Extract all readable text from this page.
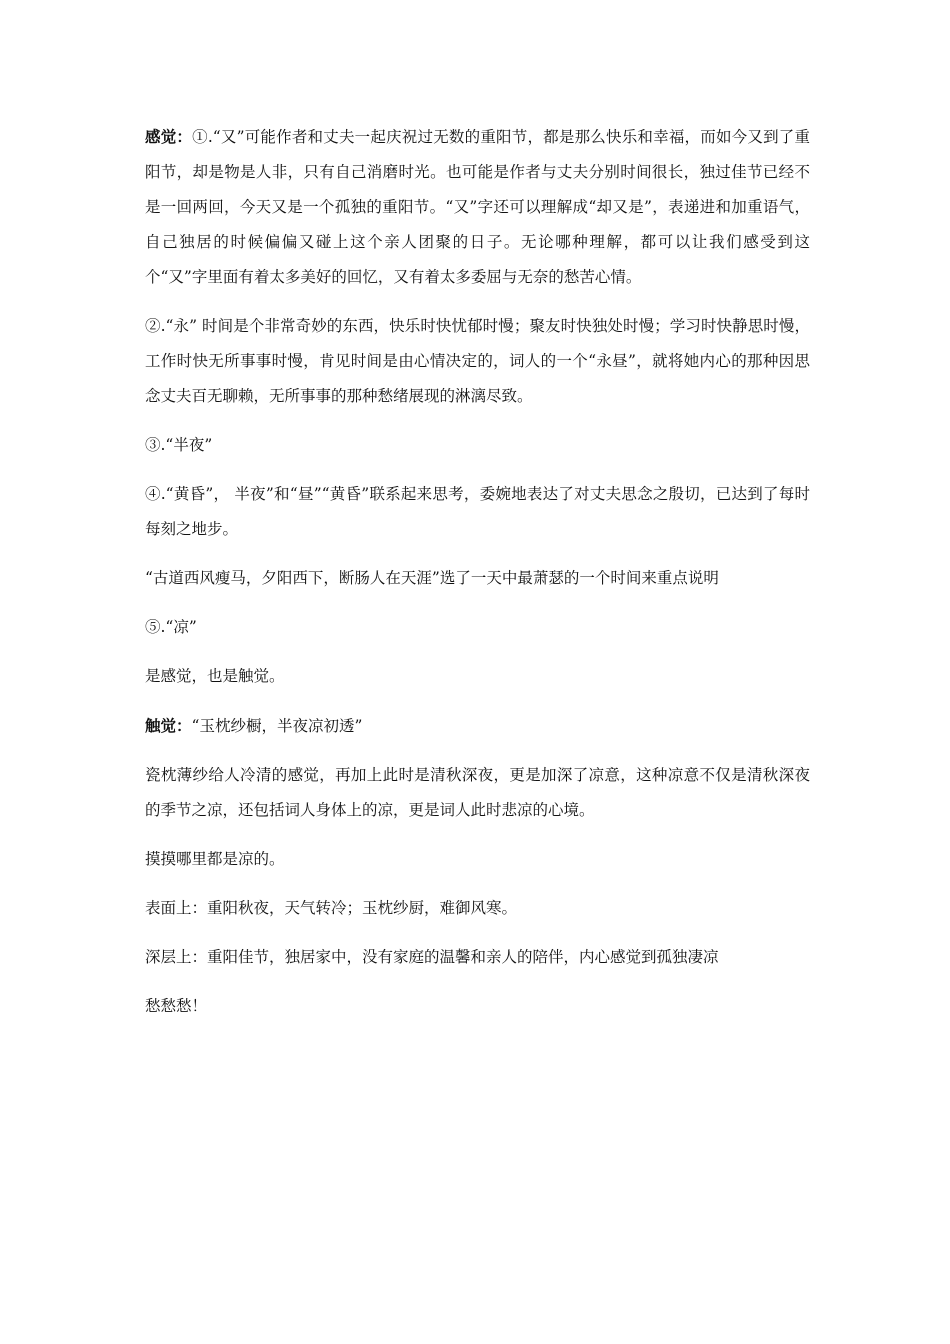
感觉：①.“又”可能作者和丈夫一起庆祝过无数的重阳节，都是那么快乐和幸福，而如今又到了重阳节，却是物是人非，只有自己消磨时光。也可能是作者与丈夫分别时间很长，独过佳节已经不是一回两回，今天又是一个孤独的重阳节。“又”字还可以理解成“却又是”，表递进和加重语气，自己独居的时候偏偏又碰上这个亲人团聚的日子。无论哪种理解，都可以让我们感受到这个“又”字里面有着太多美好的回忆，又有着太多委屈与无奈的愁苦心情。

②.“永” 时间是个非常奇妙的东西，快乐时快忧郁时慢；聚友时快独处时慢；学习时快静思时慢，工作时快无所事事时慢，肯见时间是由心情决定的，词人的一个“永昼”，就将她内心的那种因思念丈夫百无聊赖，无所事事的那种愁绪展现的淋漓尽致。

③.“半夜”

④.“黄昏”， 半夜”和“昼”“黄昏”联系起来思考，委婉地表达了对丈夫思念之殷切，已达到了每时每刻之地步。

“古道西风瘦马，夕阳西下，断肠人在天涯”选了一天中最萧瑟的一个时间来重点说明

⑤.“凉”

是感觉，也是触觉。

触觉：“玉枕纱橱，半夜凉初透”

瓷枕薄纱给人冷清的感觉，再加上此时是清秋深夜，更是加深了凉意，这种凉意不仅是清秋深夜的季节之凉，还包括词人身体上的凉，更是词人此时悲凉的心境。

摸摸哪里都是凉的。

表面上：重阳秋夜，天气转冷；玉枕纱厨，难御风寒。

深层上：重阳佳节，独居家中，没有家庭的温馨和亲人的陪伴，内心感觉到孤独凄凉

愁愁愁！
